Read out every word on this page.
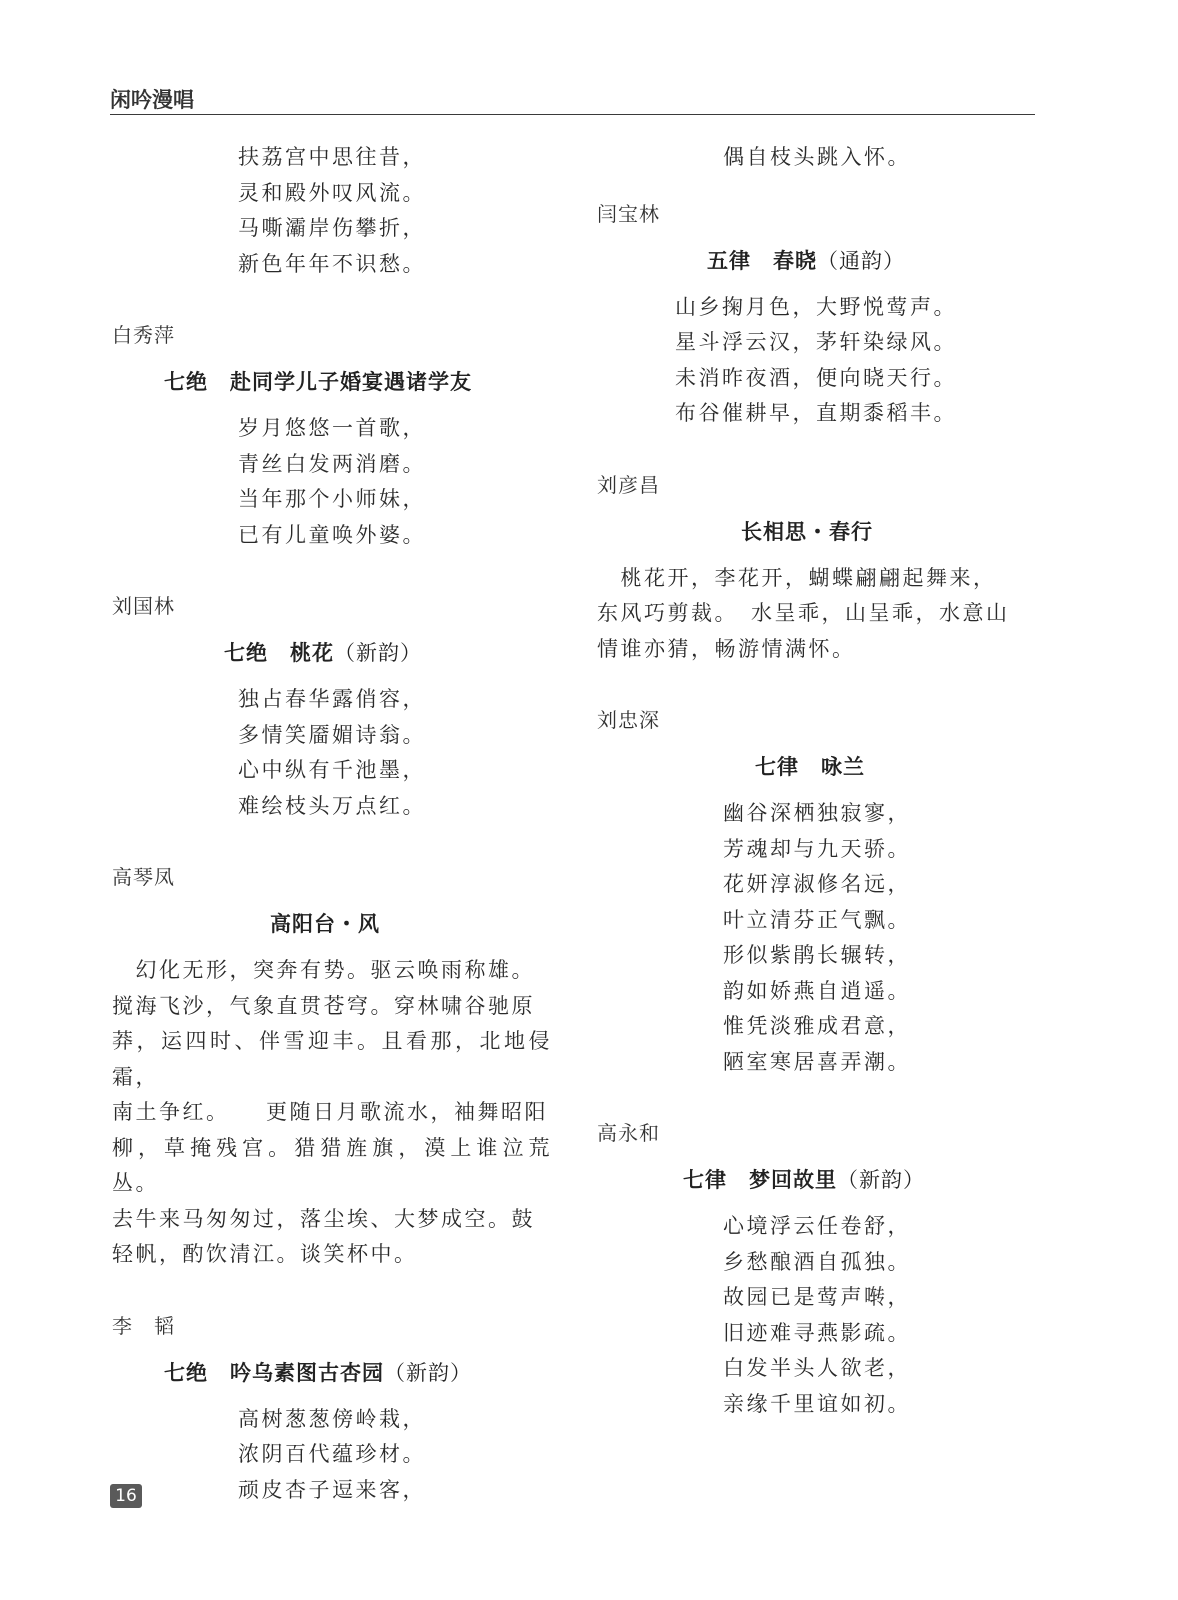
闲吟漫唱
扶荔宫中思往昔，
灵和殿外叹风流。
马嘶灞岸伤攀折，
新色年年不识愁。
白秀萍
七绝　赴同学儿子婚宴遇诸学友
岁月悠悠一首歌，
青丝白发两消磨。
当年那个小师妹，
已有儿童唤外婆。
刘国林
七绝　桃花（新韵）
独占春华露俏容，
多情笑靥媚诗翁。
心中纵有千池墨，
难绘枝头万点红。
高琴凤
高阳台・风
　幻化无形，突奔有势。驱云唤雨称雄。
搅海飞沙，气象直贯苍穹。穿林啸谷驰原
莽，运四时、伴雪迎丰。且看那，北地侵霜，
南土争红。　　更随日月歌流水，袖舞昭阳
柳，草掩残宫。猎猎旌旗，漠上谁泣荒丛。
去牛来马匆匆过，落尘埃、大梦成空。鼓
轻帆，酌饮清江。谈笑杯中。
李　韬
七绝　吟乌素图古杏园（新韵）
高树葱葱傍岭栽，
浓阴百代蕴珍材。
顽皮杏子逗来客，
偶自枝头跳入怀。
闫宝林
五律　春晓（通韵）
山乡掬月色，大野悦莺声。
星斗浮云汉，茅轩染绿风。
未消昨夜酒，便向晓天行。
布谷催耕早，直期黍稻丰。
刘彦昌
长相思・春行
　桃花开，李花开，蝴蝶翩翩起舞来，
东风巧剪裁。　水呈乖，山呈乖，水意山
情谁亦猜，畅游情满怀。
刘忠深
七律　咏兰
幽谷深栖独寂寥，
芳魂却与九天骄。
花妍淳淑修名远，
叶立清芬正气飘。
形似紫鹃长辗转，
韵如娇燕自逍遥。
惟凭淡雅成君意，
陋室寒居喜弄潮。
高永和
七律　梦回故里（新韵）
心境浮云任卷舒，
乡愁酿酒自孤独。
故园已是莺声啭，
旧迹难寻燕影疏。
白发半头人欲老，
亲缘千里谊如初。
16
